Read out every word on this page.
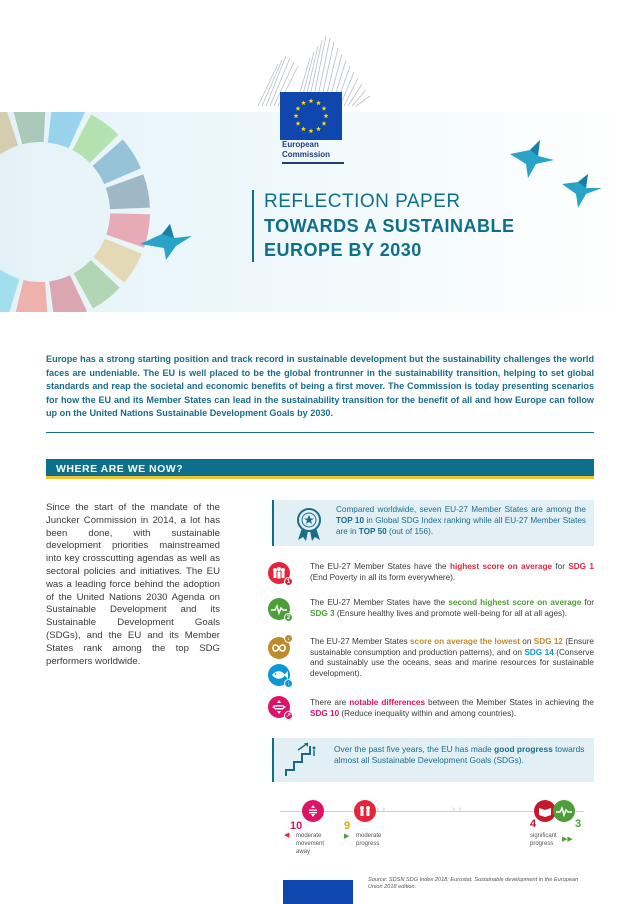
European
Commission
REFLECTION PAPER
TOWARDS A SUSTAINABLE
EUROPE BY 2030

Europe has a strong starting position and track record in sustainable development but the sustainability challenges the world faces are undeniable. The EU is well placed to be the global frontrunner in the sustainability transition, helping to set global standards and reap the societal and economic benefits of being a first mover. The Commission is today presenting scenarios for how the EU and its Member States can lead in the sustainability transition for the benefit of all and how Europe can follow up on the United Nations Sustainable Development Goals by 2030.

WHERE ARE WE NOW?

Since the start of the mandate of the Juncker Commission in 2014, a lot has been done, with sustainable development priorities mainstreamed into key crosscutting agendas as well as sectoral policies and initiatives. The EU was a leading force behind the adoption of the United Nations 2030 Agenda on Sustainable Development and its Sustainable Development Goals (SDGs), and the EU and its Member States rank among the top SDG performers worldwide.

Compared worldwide, seven EU-27 Member States are among the TOP 10 in Global SDG Index ranking while all EU-27 Member States are in TOP 50 (out of 156).
1
The EU-27 Member States have the highest score on average for SDG 1 (End Poverty in all its form everywhere).
2
The EU-27 Member States have the second highest score on average for SDG 3 (Ensure healthy lives and promote well-being for all at all ages).
↓
↓
The EU-27 Member States score on average the lowest on SDG 12 (Ensure sustainable consumption and production patterns), and on SDG 14 (Conserve and sustainably use the oceans, seas and marine resources for sustainable development).
↗
There are notable differences between the Member States in achieving the SDG 10 (Reduce inequality within and among countries).
Over the past five years, the EU has made good progress towards almost all Sustainable Development Goals (SDGs).
› ›	› ›
10
◀ moderate movement away
9
▶ moderate progress
4	3
significant progress
▶▶
Source: SDSN SDG Index 2018; Eurostat, Sustainable development in the European Union 2018 edition.
